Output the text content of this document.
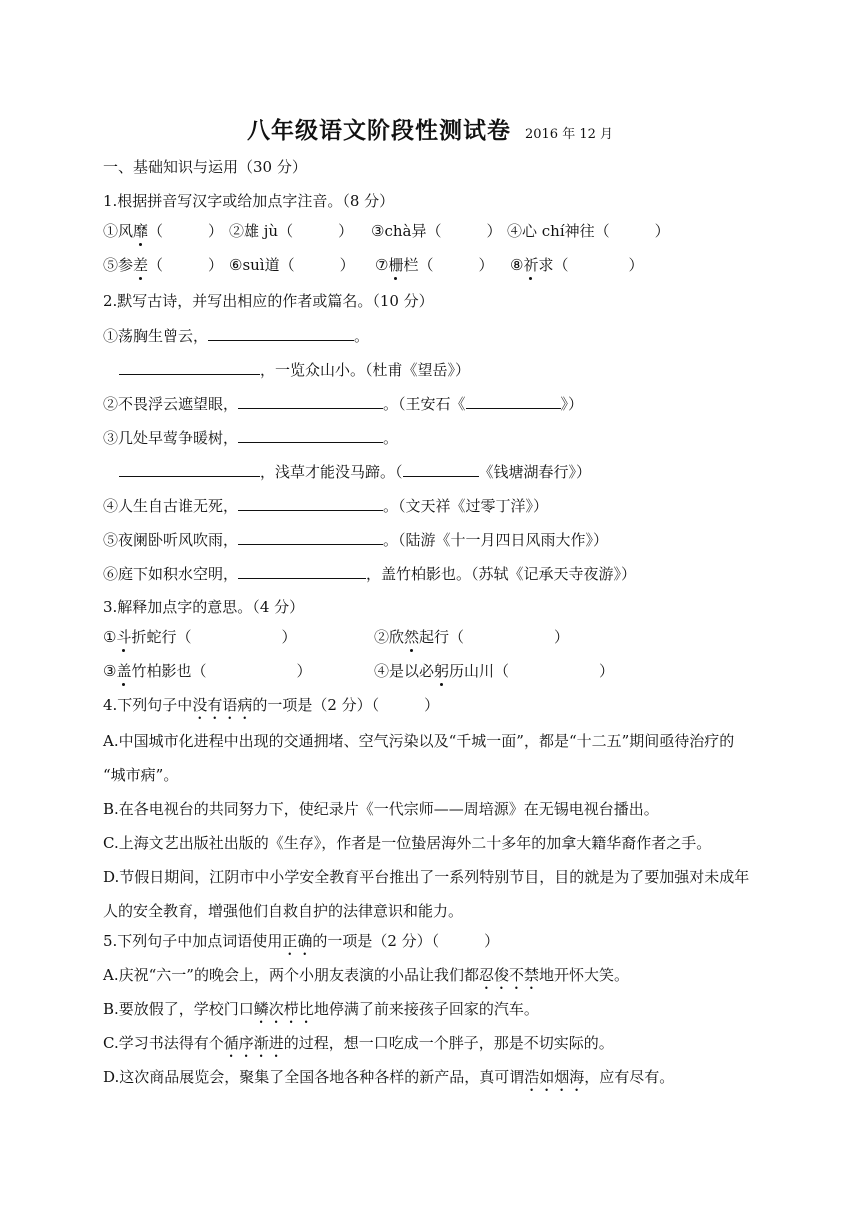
八年级语文阶段性测试卷 2016 年 12 月
一、基础知识与运用（30 分）
1.根据拼音写汉字或给加点字注音。（8 分）
①风靡（　　　） ②雄 jù（　　　） ③chà异（　　　） ④心 chí神往（　　　）
⑤参差（　　　） ⑥suì道（　　　） ⑦栅栏（　　　） ⑧祈求（　　　　）
2.默写古诗，并写出相应的作者或篇名。（10 分）
①荡胸生曾云，	。
，一览众山小。（杜甫《望岳》）
②不畏浮云遮望眼，	。（王安石《	》）
③几处早莺争暖树，	。
，浅草才能没马蹄。（	《钱塘湖春行》）
④人生自古谁无死，	。（文天祥《过零丁洋》）
⑤夜阑卧听风吹雨，	。（陆游《十一月四日风雨大作》）
⑥庭下如积水空明，	，盖竹柏影也。（苏轼《记承天寺夜游》）
3.解释加点字的意思。（4 分）
①斗折蛇行（　　　　　　）	②欣然起行（　　　　　　）
③盖竹柏影也（　　　　　　）	④是以必躬历山川（　　　　　　）
4.下列句子中没有语病的一项是（2 分）（　　　）
A.中国城市化进程中出现的交通拥堵、空气污染以及“千城一面”，都是“十二五”期间亟待治疗的
“城市病”。
B.在各电视台的共同努力下，使纪录片《一代宗师——周培源》在无锡电视台播出。
C.上海文艺出版社出版的《生存》，作者是一位蛰居海外二十多年的加拿大籍华裔作者之手。
D.节假日期间，江阴市中小学安全教育平台推出了一系列特别节目，目的就是为了要加强对未成年
人的安全教育，增强他们自救自护的法律意识和能力。
5.下列句子中加点词语使用正确的一项是（2 分）（　　　）
A.庆祝“六一”的晚会上，两个小朋友表演的小品让我们都忍俊不禁地开怀大笑。
B.要放假了，学校门口鳞次栉比地停满了前来接孩子回家的汽车。
C.学习书法得有个循序渐进的过程，想一口吃成一个胖子，那是不切实际的。
D.这次商品展览会，聚集了全国各地各种各样的新产品，真可谓浩如烟海，应有尽有。
